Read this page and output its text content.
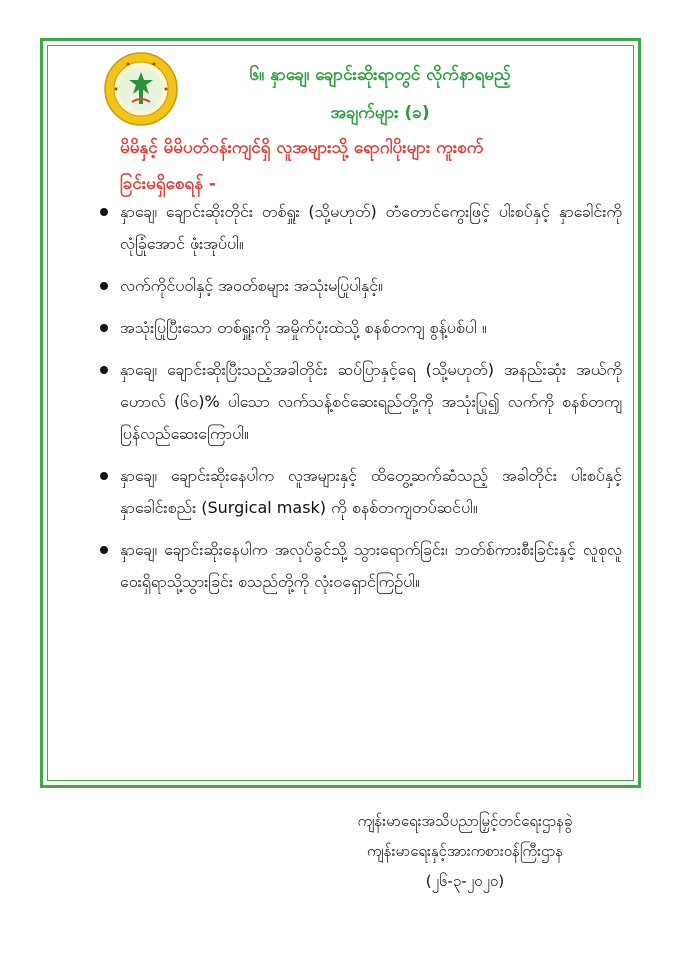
၆။ နှာချေ၊ ချောင်းဆိုးရာတွင် လိုက်နာရမည့်
အချက်များ (ခ)
မိမိနှင့် မိမိပတ်ဝန်းကျင်ရှိ လူအများသို့ ရောဂါပိုးများ ကူးစက်
ခြင်းမရှိစေရန် -
နှာချေ၊ ချောင်းဆိုးတိုင်း တစ်ရှူး (သို့မဟုတ်) တံတောင်ကွေးဖြင့် ပါးစပ်နှင့် နှာခေါင်းကို လုံခြုံအောင် ဖုံးအုပ်ပါ။
လက်ကိုင်ပဝါနှင့် အဝတ်စများ အသုံးမပြုပါနှင့်။
အသုံးပြုပြီးသော တစ်ရှူးကို အမှိုက်ပုံးထဲသို့ စနစ်တကျ စွန့်ပစ်ပါ ။
နှာချေ၊ ချောင်းဆိုးပြီးသည့်အခါတိုင်း ဆပ်ပြာနှင့်ရေ (သို့မဟုတ်) အနည်းဆုံး အယ်ကိုဟောလ် (၆၀)% ပါသော လက်သန့်စင်ဆေးရည်တို့ကို အသုံးပြု၍ လက်ကို စနစ်တကျ ပြန်လည်ဆေးကြောပါ။
နှာချေ၊ ချောင်းဆိုးနေပါက လူအများနှင့် ထိတွေ့ဆက်ဆံသည့် အခါတိုင်း ပါးစပ်နှင့်နှာခေါင်းစည်း (Surgical mask) ကို စနစ်တကျတပ်ဆင်ပါ။
နှာချေ၊ ချောင်းဆိုးနေပါက အလုပ်ခွင်သို့ သွားရောက်ခြင်း၊ ဘတ်စ်ကားစီးခြင်းနှင့် လူစုလူဝေးရှိရာသို့သွားခြင်း စသည်တို့ကို လုံးဝရှောင်ကြဉ်ပါ။
ကျန်းမာရေးအသိပညာမြှင့်တင်ရေးဌာနခွဲ
ကျန်းမာရေးနှင့်အားကစားဝန်ကြီးဌာန
(၂၆-၃-၂၀၂၀)
